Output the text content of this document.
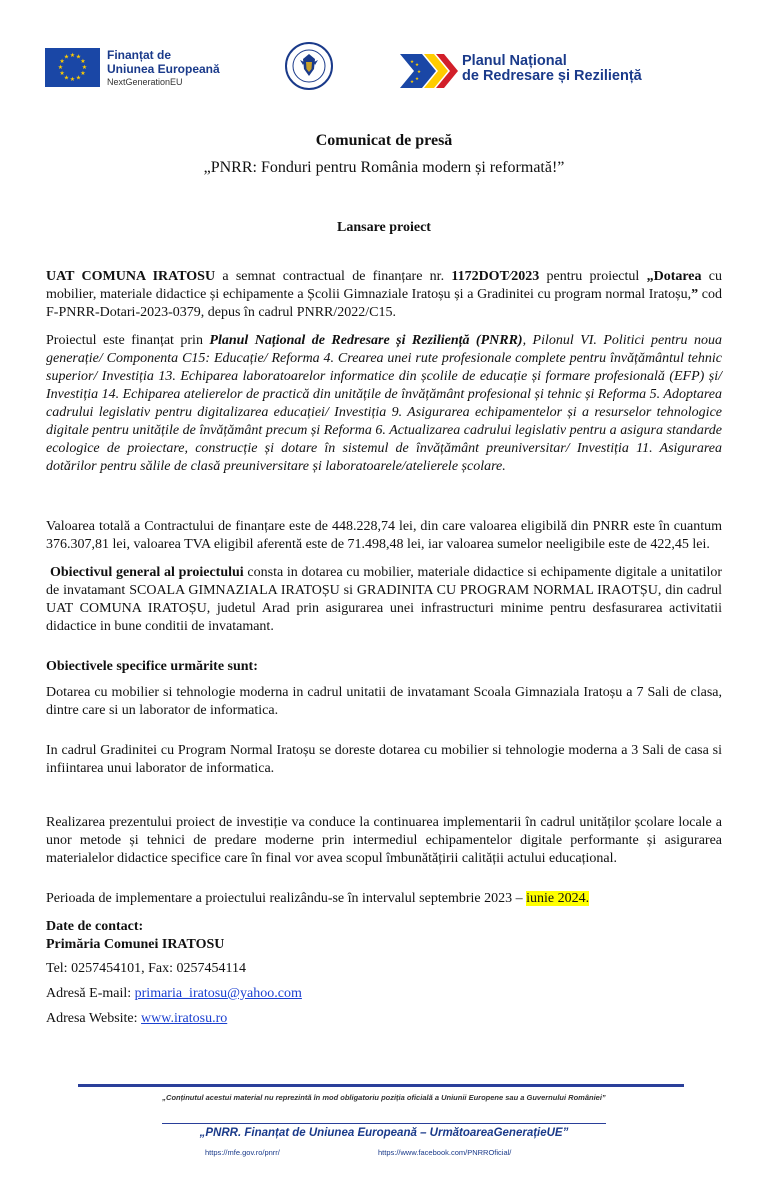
★ ★
★
★
★
★
★
★
★
★
★
★	Finanțat de
Uniunea Europeană
NextGenerationEU
★
★
★
★
★
Planul Național
de Redresare și Reziliență
Comunicat de presă
„PNRR: Fonduri pentru România modern și reformată!”
Lansare proiect

UAT COMUNA IRATOSU a semnat contractual de finanțare nr. 1172DOT∕2023 pentru proiectul „Dotarea cu mobilier, materiale didactice și echipamente a Școlii Gimnaziale Iratoșu și a Gradinitei cu program normal Iratoșu,” cod F-PNRR-Dotari-2023-0379, depus în cadrul PNRR/2022/C15.

Proiectul este finanțat prin Planul Național de Redresare și Reziliență (PNRR), Pilonul VI. Politici pentru noua generație/ Componenta C15: Educație/ Reforma 4. Crearea unei rute profesionale complete pentru învățământul tehnic superior/ Investiția 13. Echiparea laboratoarelor informatice din școlile de educație și formare profesională (EFP) și/ Investiția 14. Echiparea atelierelor de practică din unitățile de învățământ profesional și tehnic și Reforma 5. Adoptarea cadrului legislativ pentru digitalizarea educației/ Investiția 9. Asigurarea echipamentelor și a resurselor tehnologice digitale pentru unitățile de învățământ precum și Reforma 6. Actualizarea cadrului legislativ pentru a asigura standarde ecologice de proiectare, construcție și dotare în sistemul de învățământ preuniversitar/ Investiția 11. Asigurarea dotărilor pentru sălile de clasă preuniversitare și laboratoarele/atelierele școlare.

Valoarea totală a Contractului de finanțare este de 448.228,74 lei, din care valoarea eligibilă din PNRR este în cuantum 376.307,81 lei, valoarea TVA eligibil aferentă este de 71.498,48 lei, iar valoarea sumelor neeligibile este de 422,45 lei.

Obiectivul general al proiectului consta in dotarea cu mobilier, materiale didactice si echipamente digitale a unitatilor de invatamant SCOALA GIMNAZIALA IRATOȘU si GRADINITA CU PROGRAM NORMAL IRAOTȘU, din cadrul UAT COMUNA IRATOȘU, judetul Arad prin asigurarea unei infrastructuri minime pentru desfasurarea activitatii didactice in bune conditii de invatamant.

Obiectivele specifice urmărite sunt:

Dotarea cu mobilier si tehnologie moderna in cadrul unitatii de invatamant Scoala Gimnaziala Iratoșu a 7 Sali de clasa, dintre care si un laborator de informatica.

In cadrul Gradinitei cu Program Normal Iratoșu se doreste dotarea cu mobilier si tehnologie moderna a 3 Sali de casa si infiintarea unui laborator de informatica.

Realizarea prezentului proiect de investiție va conduce la continuarea implementarii în cadrul unităților școlare locale a unor metode și tehnici de predare moderne prin intermediul echipamentelor digitale performante și asigurarea materialelor didactice specifice care în final vor avea scopul îmbunătățirii calității actului educațional.

Perioada de implementare a proiectului realizându-se în intervalul septembrie 2023 – iunie 2024.

Date de contact:

Primăria Comunei IRATOSU

Tel: 0257454101, Fax: 0257454114

Adresă E-mail: primaria_iratosu@yahoo.com

Adresa Website: www.iratosu.ro

„Conținutul acestui material nu reprezintă în mod obligatoriu poziția oficială a Uniunii Europene sau a Guvernului României”
„PNRR. Finanțat de Uniunea Europeană – UrmătoareaGenerațieUE”
https://mfe.gov.ro/pnrr/	https://www.facebook.com/PNRROficial/
